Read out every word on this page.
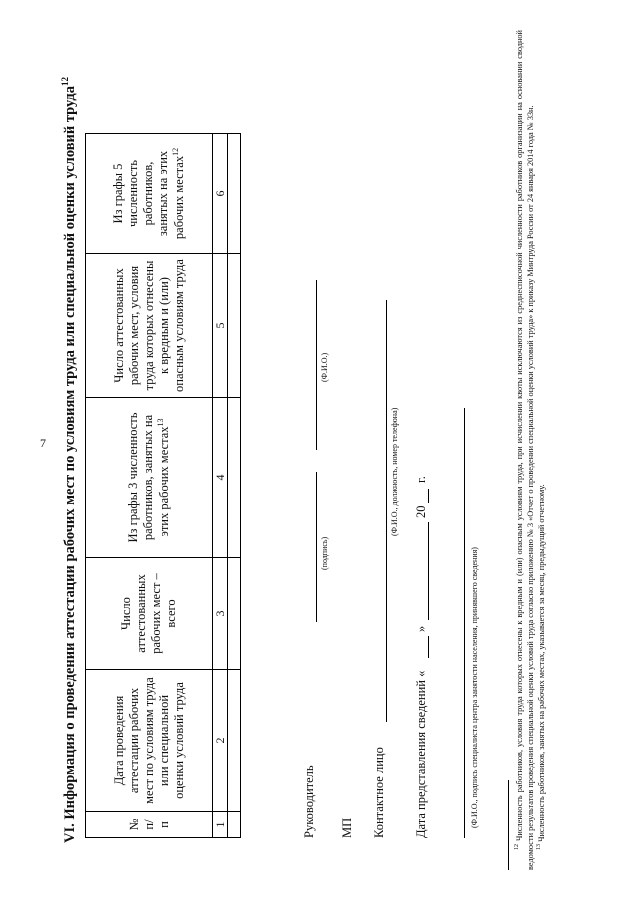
7 VI. Информация о проведении аттестации рабочих мест по условиям труда или специальной оценки условий труда$^{12}$
№ п/п	Дата проведения аттестации рабочих мест по условиям труда или специальной оценки условий труда	Число аттестованных рабочих мест – всего	Из графы 3 численность работников, занятых на этих рабочих местах$^{13}$	Число аттестованных рабочих мест, условия труда которых отнесены к вредным и (или) опасным условиям труда	Из графы 5 численность работников, занятых на этих рабочих местах$^{12}$
1	2	3	4	5	6

Руководитель
(подпись)
(Ф.И.О.)
МП Контактное лицо
(Ф.И.О., должность, номер телефона)
Дата представления сведений «
»
20
г.
(Ф.И.О., подпись специалиста центра занятости населения, принявшего сведения)

$^{12}$ Численность работников, условия труда которых отнесены к вредным и (или) опасным условиям труда, при исчислении квоты исключаются из среднесписочной численности работников организации на основании сводной ведомости результатов проведения специальной оценки условий труда согласно приложению № 3 «Отчет о проведении специальной оценки условий труда» к приказу Минтруда России от 24 января 2014 года № 33н. $^{13}$ Численность работников, занятых на рабочих местах, указывается за месяц, предыдущий отчетному.
